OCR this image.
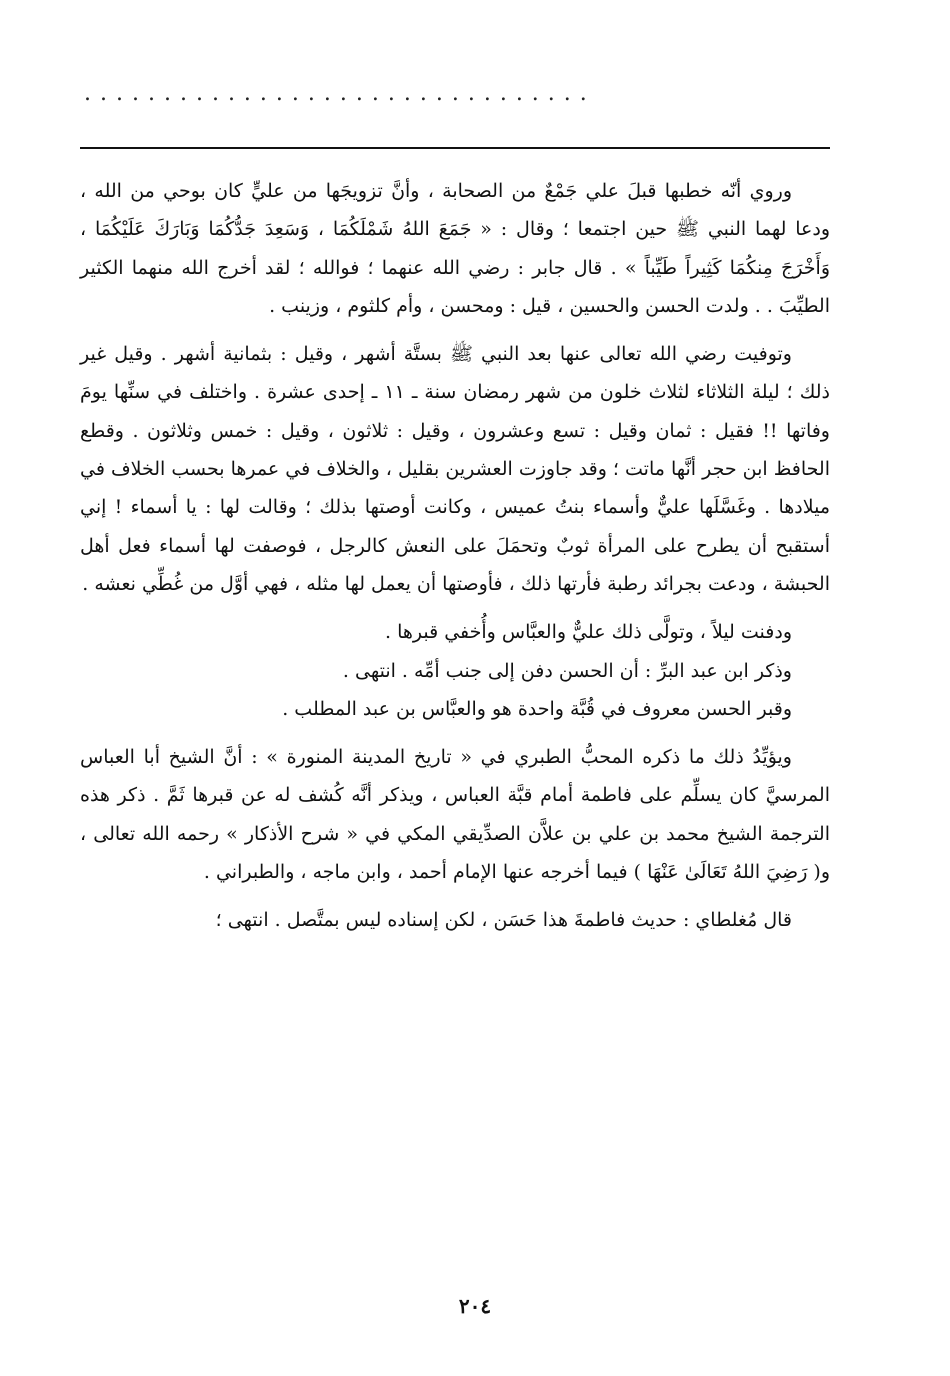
................................

وروي أنّه خطبها قبلَ علي جَمْعٌ من الصحابة ، وأنَّ تزويجَها من عليٍّ كان بوحي من الله ، ودعا لهما النبي ﷺ حين اجتمعا ؛ وقال : « جَمَعَ اللهُ شَمْلَكُمَا ، وَسَعِدَ جَدُّكُمَا وَبَارَكَ عَلَيْكُمَا ، وَأَخْرَجَ مِنكُمَا كَثِيراً طَيِّباً » . قال جابر : رضي الله عنهما ؛ فوالله ؛ لقد أخرج الله منهما الكثير الطيِّبَ . . ولدت الحسن والحسين ، قيل : ومحسن ، وأم كلثوم ، وزينب .

وتوفيت رضي الله تعالى عنها بعد النبي ﷺ بستَّة أشهر ، وقيل : بثمانية أشهر . وقيل غير ذلك ؛ ليلة الثلاثاء لثلاث خلون من شهر رمضان سنة ـ ١١ ـ إحدى عشرة . واختلف في سنِّها يومَ وفاتها !! فقيل : ثمان وقيل : تسع وعشرون ، وقيل : ثلاثون ، وقيل : خمس وثلاثون . وقطع الحافظ ابن حجر أنَّها ماتت ؛ وقد جاوزت العشرين بقليل ، والخلاف في عمرها بحسب الخلاف في ميلادها . وغَسَّلَها عليٌّ وأسماء بنتُ عميس ، وكانت أوصتها بذلك ؛ وقالت لها : يا أسماء ! إني أستقبح أن يطرح على المرأة ثوبٌ وتحمَلَ على النعش كالرجل ، فوصفت لها أسماء فعل أهل الحبشة ، ودعت بجرائد رطبة فأرتها ذلك ، فأوصتها أن يعمل لها مثله ، فهي أوَّل من غُطِّي نعشه .

ودفنت ليلاً ، وتولَّى ذلك عليٌّ والعبَّاس وأُخفي قبرها .

وذكر ابن عبد البرِّ : أن الحسن دفن إلى جنب أمِّه . انتهى .

وقبر الحسن معروف في قُبَّة واحدة هو والعبَّاس بن عبد المطلب .

ويؤيِّدُ ذلك ما ذكره المحبُّ الطبري في « تاريخ المدينة المنورة » : أنَّ الشيخ أبا العباس المرسيَّ كان يسلِّم على فاطمة أمام قبَّة العباس ، ويذكر أنَّه كُشف له عن قبرها ثَمَّ . ذكر هذه الترجمة الشيخ محمد بن علي بن علاَّن الصدِّيقي المكي في « شرح الأذكار » رحمه الله تعالى ، و( رَضِيَ اللهُ تَعَالَىٰ عَنْهَا ) فيما أخرجه عنها الإمام أحمد ، وابن ماجه ، والطبراني .

قال مُغلطاي : حديث فاطمةَ هذا حَسَن ، لكن إسناده ليس بمتَّصل . انتهى ؛

٢٠٤
